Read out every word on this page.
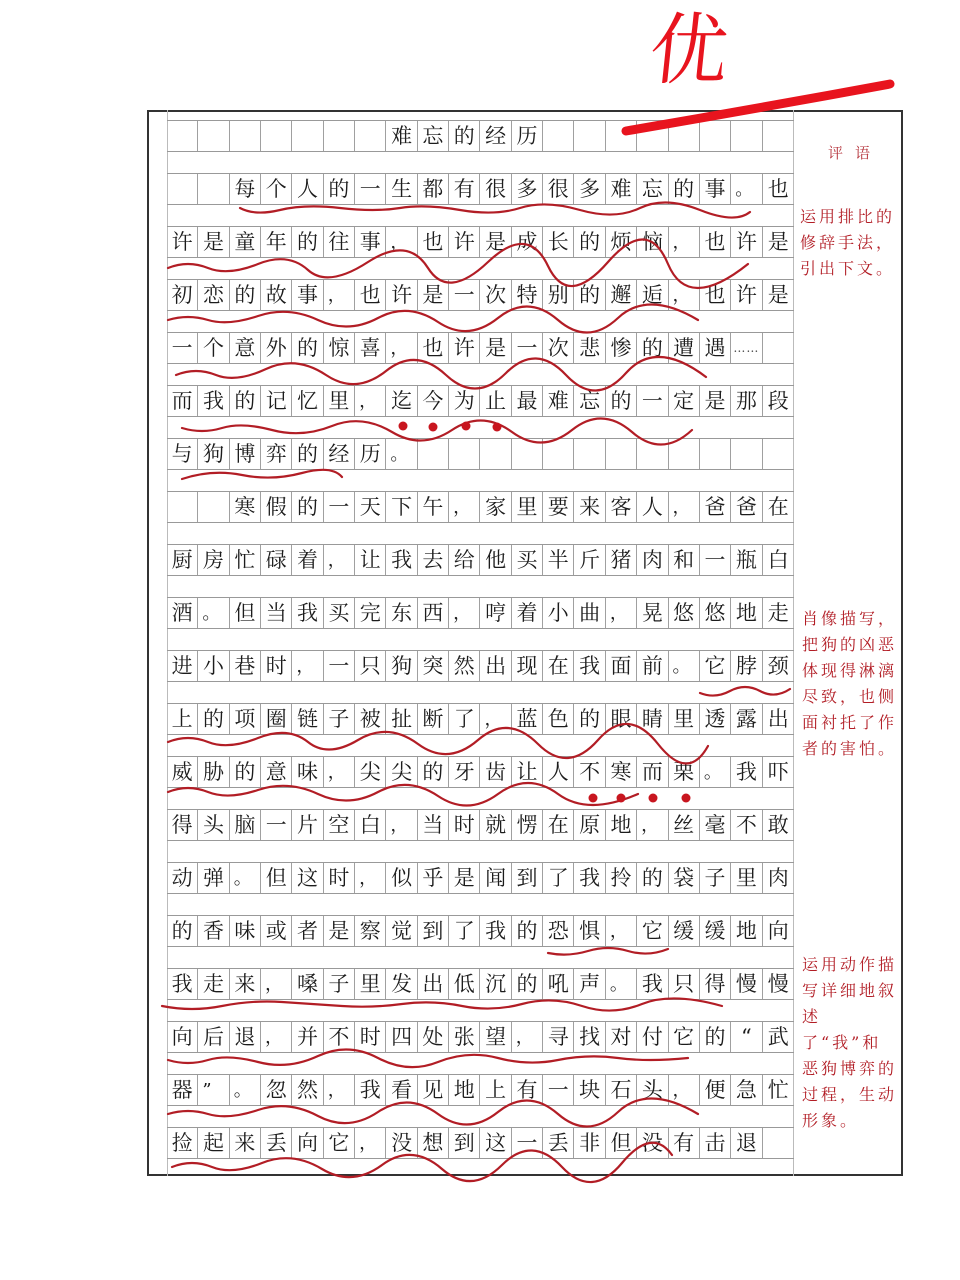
难 忘 的 经 历
每 个 人 的 一 生 都 有 很 多 很 多 难 忘 的 事 。 也
许 是 童 年 的 往 事 ， 也 许 是 成 长 的 烦 恼 ， 也 许 是
初 恋 的 故 事 ， 也 许 是 一 次 特 别 的 邂 逅 ， 也 许 是
一 个 意 外 的 惊 喜 ， 也 许 是 一 次 悲 惨 的 遭 遇 ……
而 我 的 记 忆 里 ， 迄 今 为 止 最 难 忘 的 一 定 是 那 段
与 狗 博 弈 的 经 历 。
寒 假 的 一 天 下 午 ， 家 里 要 来 客 人 ， 爸 爸 在
厨 房 忙 碌 着 ， 让 我 去 给 他 买 半 斤 猪 肉 和 一 瓶 白
酒 。 但 当 我 买 完 东 西 ， 哼 着 小 曲 ， 晃 悠 悠 地 走
进 小 巷 时 ， 一 只 狗 突 然 出 现 在 我 面 前 。 它 脖 颈
上 的 项 圈 链 子 被 扯 断 了 ， 蓝 色 的 眼 睛 里 透 露 出
威 胁 的 意 味 ， 尖 尖 的 牙 齿 让 人 不 寒 而 栗 。 我 吓
得 头 脑 一 片 空 白 ， 当 时 就 愣 在 原 地 ， 丝 毫 不 敢
动 弹 。 但 这 时 ， 似 乎 是 闻 到 了 我 拎 的 袋 子 里 肉
的 香 味 或 者 是 察 觉 到 了 我 的 恐 惧 ， 它 缓 缓 地 向
我 走 来 ， 嗓 子 里 发 出 低 沉 的 吼 声 。 我 只 得 慢 慢
向 后 退 ， 并 不 时 四 处 张 望 ， 寻 找 对 付 它 的 “ 武
器 ”	。 忽 然 ， 我 看 见 地 上 有 一 块 石 头 ， 便 急 忙
捡 起 来 丢 向 它 ， 没 想 到 这 一 丢 非 但 没 有 击 退
评语
运用排比的修辞手法，引出下文。
肖像描写，把狗的凶恶体现得淋漓尽致，也侧面衬托了作者的害怕。
运用动作描写详细地叙述了“我”和恶狗博弈的过程，生动形象。
优
